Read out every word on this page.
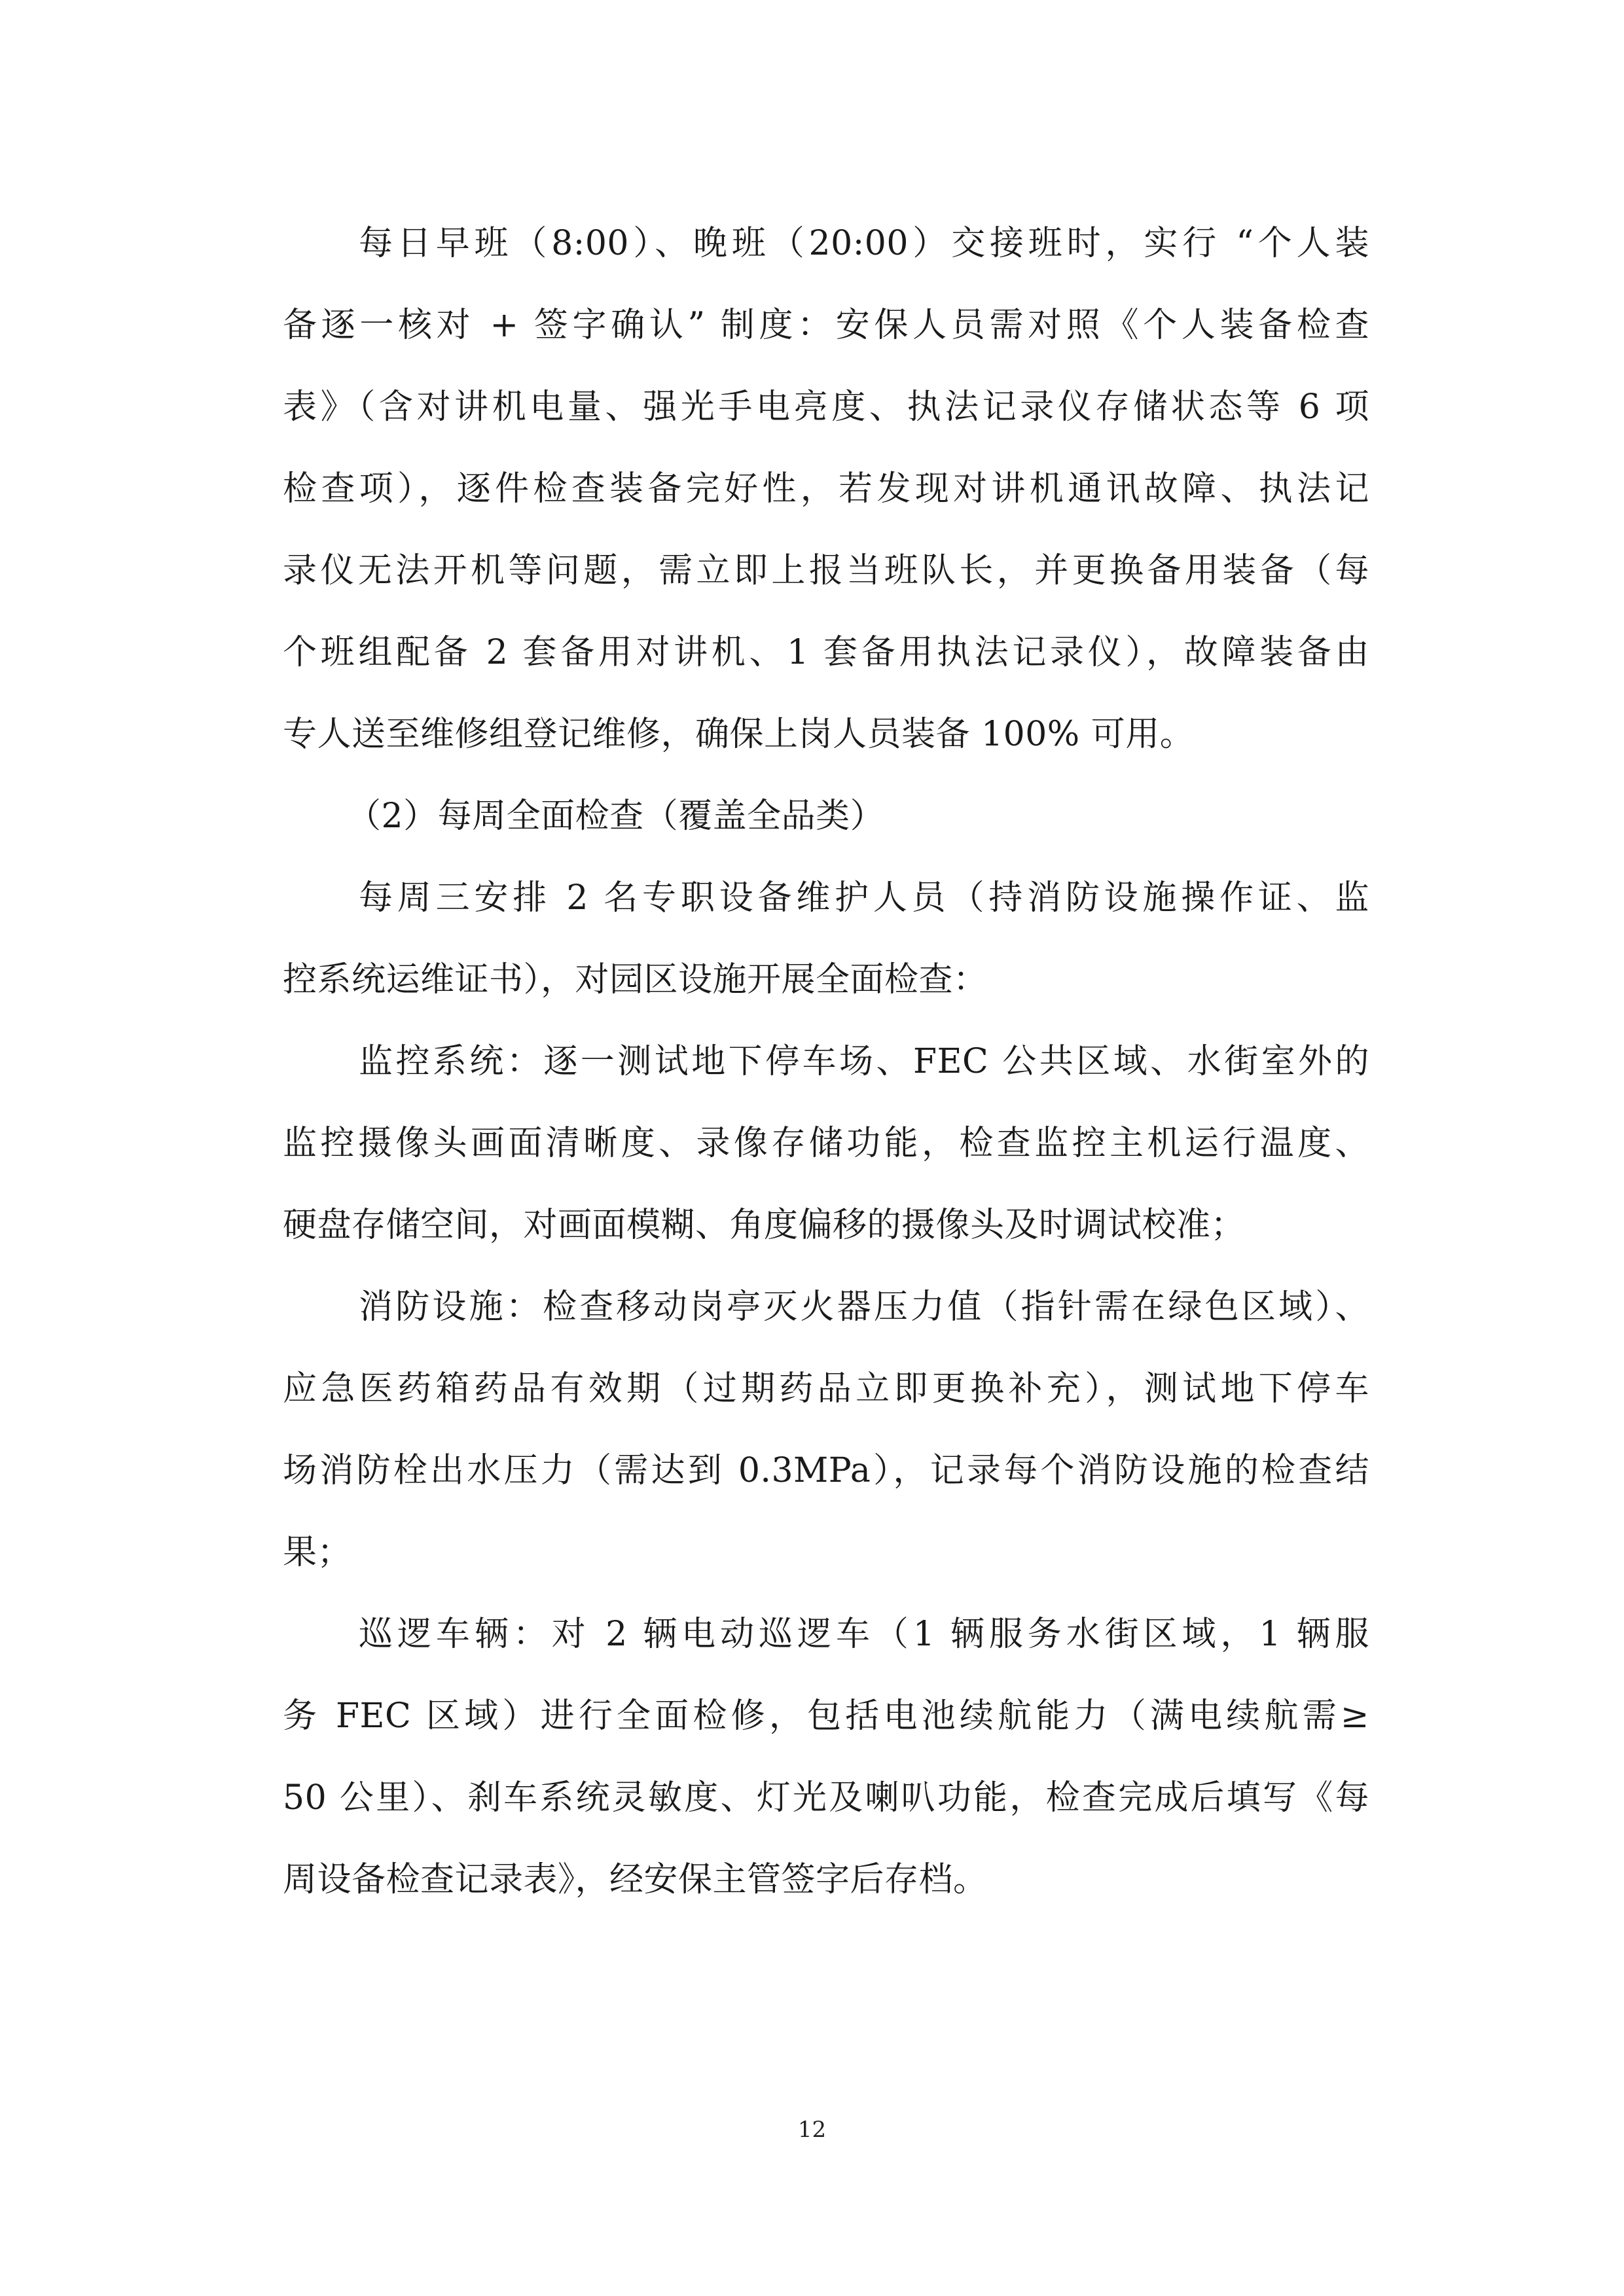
每日早班（8:00）、晚班（20:00）交接班时，实行 “个人装
备逐一核对 + 签字确认” 制度：安保人员需对照《个人装备检查
表》（含对讲机电量、强光手电亮度、执法记录仪存储状态等 6 项
检查项），逐件检查装备完好性，若发现对讲机通讯故障、执法记
录仪无法开机等问题，需立即上报当班队长，并更换备用装备（每
个班组配备 2 套备用对讲机、1 套备用执法记录仪），故障装备由
专人送至维修组登记维修，确保上岗人员装备 100% 可用。
（2）每周全面检查（覆盖全品类）
每周三安排 2 名专职设备维护人员（持消防设施操作证、监
控系统运维证书），对园区设施开展全面检查：
监控系统：逐一测试地下停车场、FEC 公共区域、水街室外的
监控摄像头画面清晰度、录像存储功能，检查监控主机运行温度、
硬盘存储空间，对画面模糊、角度偏移的摄像头及时调试校准；
消防设施：检查移动岗亭灭火器压力值（指针需在绿色区域）、
应急医药箱药品有效期（过期药品立即更换补充），测试地下停车
场消防栓出水压力（需达到 0.3MPa），记录每个消防设施的检查结
果；
巡逻车辆：对 2 辆电动巡逻车（1 辆服务水街区域，1 辆服
务 FEC 区域）进行全面检修，包括电池续航能力（满电续航需≥
50 公里）、刹车系统灵敏度、灯光及喇叭功能，检查完成后填写《每
周设备检查记录表》，经安保主管签字后存档。
12
